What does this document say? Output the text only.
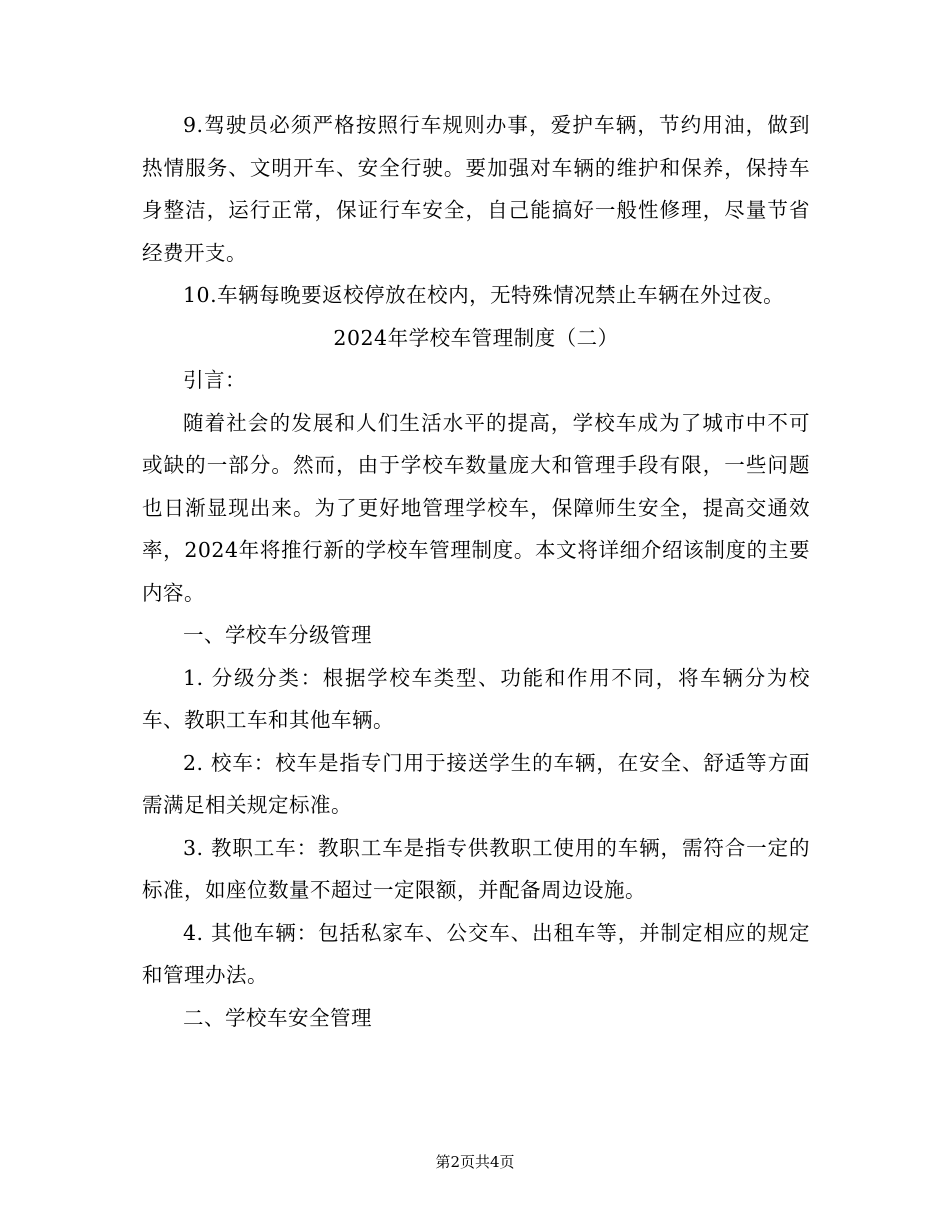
9.驾驶员必须严格按照行车规则办事，爱护车辆，节约用油，做到热情服务、文明开车、安全行驶。要加强对车辆的维护和保养，保持车身整洁，运行正常，保证行车安全，自己能搞好一般性修理，尽量节省经费开支。

10.车辆每晚要返校停放在校内，无特殊情况禁止车辆在外过夜。

2024年学校车管理制度（二）

引言：

随着社会的发展和人们生活水平的提高，学校车成为了城市中不可或缺的一部分。然而，由于学校车数量庞大和管理手段有限，一些问题也日渐显现出来。为了更好地管理学校车，保障师生安全，提高交通效率，2024年将推行新的学校车管理制度。本文将详细介绍该制度的主要内容。

一、学校车分级管理

1. 分级分类：根据学校车类型、功能和作用不同，将车辆分为校车、教职工车和其他车辆。

2. 校车：校车是指专门用于接送学生的车辆，在安全、舒适等方面需满足相关规定标准。

3. 教职工车：教职工车是指专供教职工使用的车辆，需符合一定的标准，如座位数量不超过一定限额，并配备周边设施。

4. 其他车辆：包括私家车、公交车、出租车等，并制定相应的规定和管理办法。

二、学校车安全管理

第2页共4页
